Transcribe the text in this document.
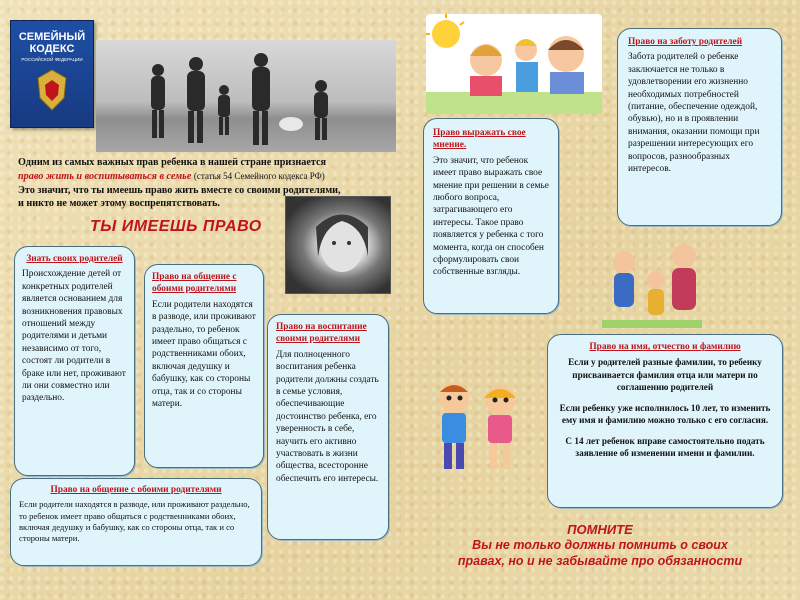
СЕМЕЙНЫЙ
КОДЕКС
РОССИЙСКОЙ ФЕДЕРАЦИИ
Одним из самых важных прав ребенка в нашей стране признается
право жить и воспитываться в семье (статья 54 Семейного кодекса РФ)
Это значит, что ты имеешь право жить вместе со своими родителями,
и никто не может этому воспрепятствовать.
ТЫ ИМЕЕШЬ ПРАВО
Знать своих родителей
Происхождение детей от конкретных родителей является основанием для возникновения правовых отношений между родителями и детьми независимо от того, состоят ли родители в браке или нет, проживают ли они совместно или раздельно.
Право на общение с обоими родителями
Если родители находятся в разводе, или проживают раздельно, то ребенок имеет право общаться с родственниками обоих, включая дедушку и бабушку, как со стороны отца, так и со стороны матери.
Право на воспитание своими родителями
Для полноценного воспитания ребенка родители должны создать в семье условия, обеспечивающие достоинство ребенка, его уверенность в себе, научить его активно участвовать в жизни общества, всесторонне обеспечить его интересы.
Право на общение с обоими родителями
Если родители находятся в разводе, или проживают раздельно, то ребенок имеет право общаться с родственниками обоих, включая дедушку и бабушку, как со стороны отца, так и со стороны матери.
Право выражать свое мнение.
Это значит, что ребенок имеет право выражать свое мнение при решении в семье любого вопроса, затрагивающего его интересы. Такое право появляется у ребенка с того момента, когда он способен сформулировать свои собственные взгляды.
Право на заботу родителей
Забота родителей о ребенке заключается не только в удовлетворении его жизненно необходимых потребностей (питание, обеспечение одеждой, обувью), но и в проявлении внимания, оказании помощи при разрешении интересующих его вопросов, разнообразных интересов.
Право на имя, отчество и фамилию
Если у родителей разные фамилии, то ребенку присваивается фамилия отца или матери по соглашению родителей
Если ребенку уже исполнилось 10 лет, то изменить ему имя и фамилию можно только с его согласия.
С 14 лет ребенок вправе самостоятельно подать заявление об изменении имени и фамилии.
ПОМНИТЕ
Вы не только должны помнить о своих
правах, но и не забывайте про обязанности
